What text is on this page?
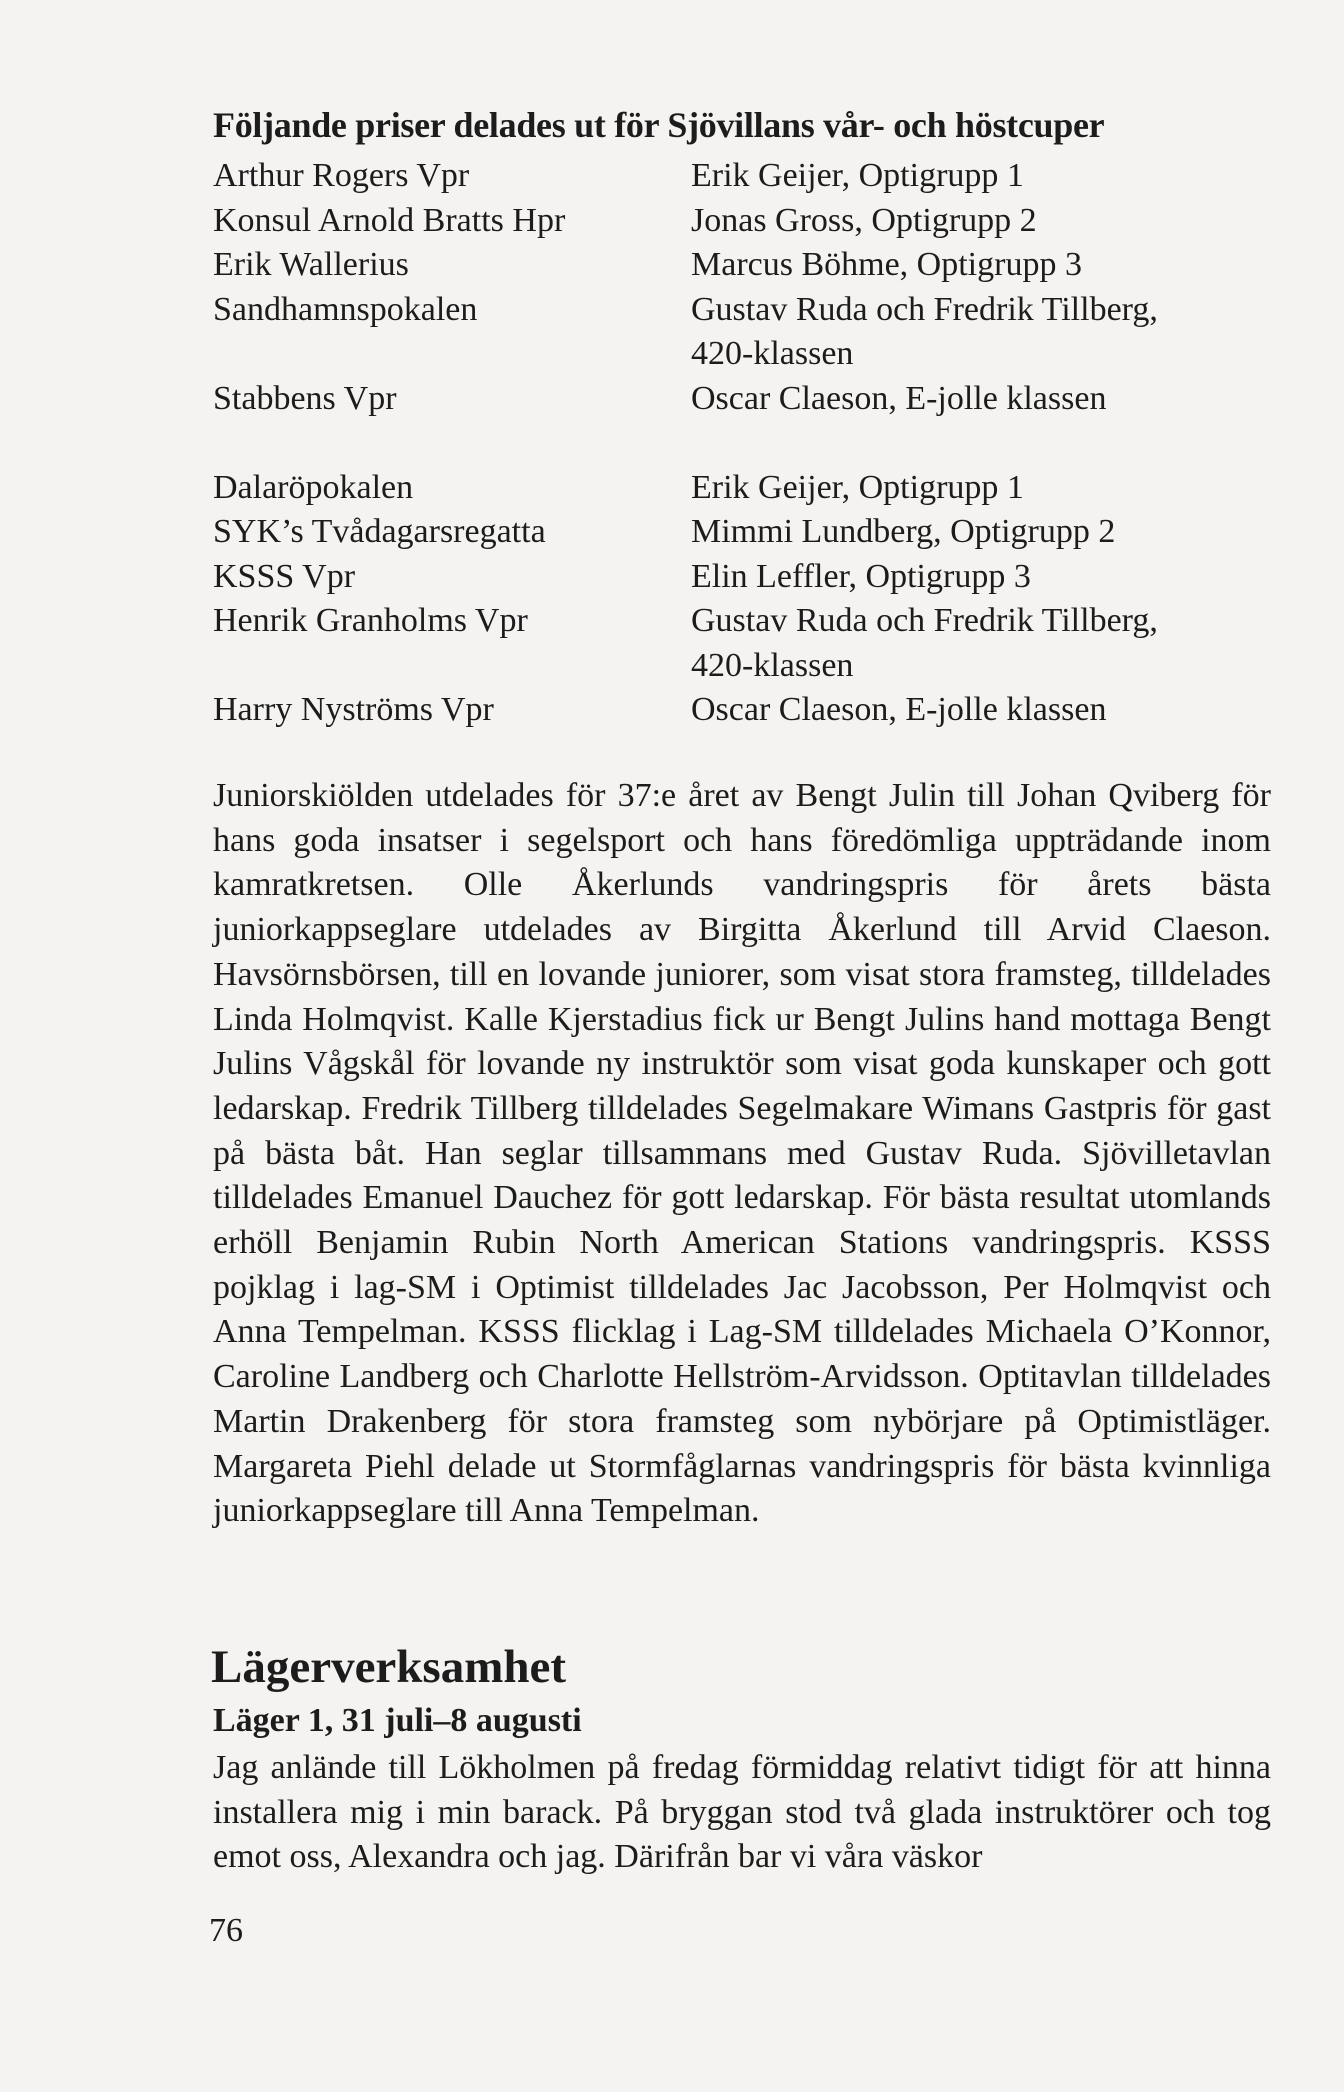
Följande priser delades ut för Sjövillans vår- och höstcuper
Arthur Rogers Vpr	Erik Geijer, Optigrupp 1
Konsul Arnold Bratts Hpr	Jonas Gross, Optigrupp 2
Erik Wallerius	Marcus Böhme, Optigrupp 3
Sandhamnspokalen	Gustav Ruda och Fredrik Tillberg,
420-klassen
Stabbens Vpr	Oscar Claeson, E-jolle klassen
Dalaröpokalen	Erik Geijer, Optigrupp 1
SYK’s Tvådagarsregatta	Mimmi Lundberg, Optigrupp 2
KSSS Vpr	Elin Leffler, Optigrupp 3
Henrik Granholms Vpr	Gustav Ruda och Fredrik Tillberg,
420-klassen
Harry Nyströms Vpr	Oscar Claeson, E-jolle klassen

Juniorskiölden utdelades för 37:e året av Bengt Julin till Johan Qviberg för hans goda insatser i segelsport och hans föredömliga uppträdande inom kamratkretsen. Olle Åkerlunds vandringspris för årets bästa juniorkappseglare utdelades av Birgitta Åkerlund till Arvid Claeson. Havsörnsbörsen, till en lovande juniorer, som visat stora framsteg, tilldelades Linda Holmqvist. Kalle Kjerstadius fick ur Bengt Julins hand mottaga Bengt Julins Vågskål för lovande ny instruktör som visat goda kunskaper och gott ledarskap. Fredrik Tillberg tilldelades Segelmakare Wimans Gastpris för gast på bästa båt. Han seglar tillsammans med Gustav Ruda. Sjövilletavlan tilldelades Emanuel Dauchez för gott ledarskap. För bästa resultat utomlands erhöll Benjamin Rubin North American Stations vandringspris. KSSS pojklag i lag-SM i Optimist tilldelades Jac Jacobsson, Per Holmqvist och Anna Tempelman. KSSS flicklag i Lag-SM tilldelades Michaela O’Konnor, Caroline Landberg och Charlotte Hellström-Arvidsson. Optitavlan tilldelades Martin Drakenberg för stora framsteg som nybörjare på Optimistläger. Margareta Piehl delade ut Stormfåglarnas vandringspris för bästa kvinnliga juniorkappseglare till Anna Tempelman.

Lägerverksamhet
Läger 1, 31 juli–8 augusti

Jag anlände till Lökholmen på fredag förmiddag relativt tidigt för att hinna installera mig i min barack. På bryggan stod två glada instruktörer och tog emot oss, Alexandra och jag. Därifrån bar vi våra väskor

76
